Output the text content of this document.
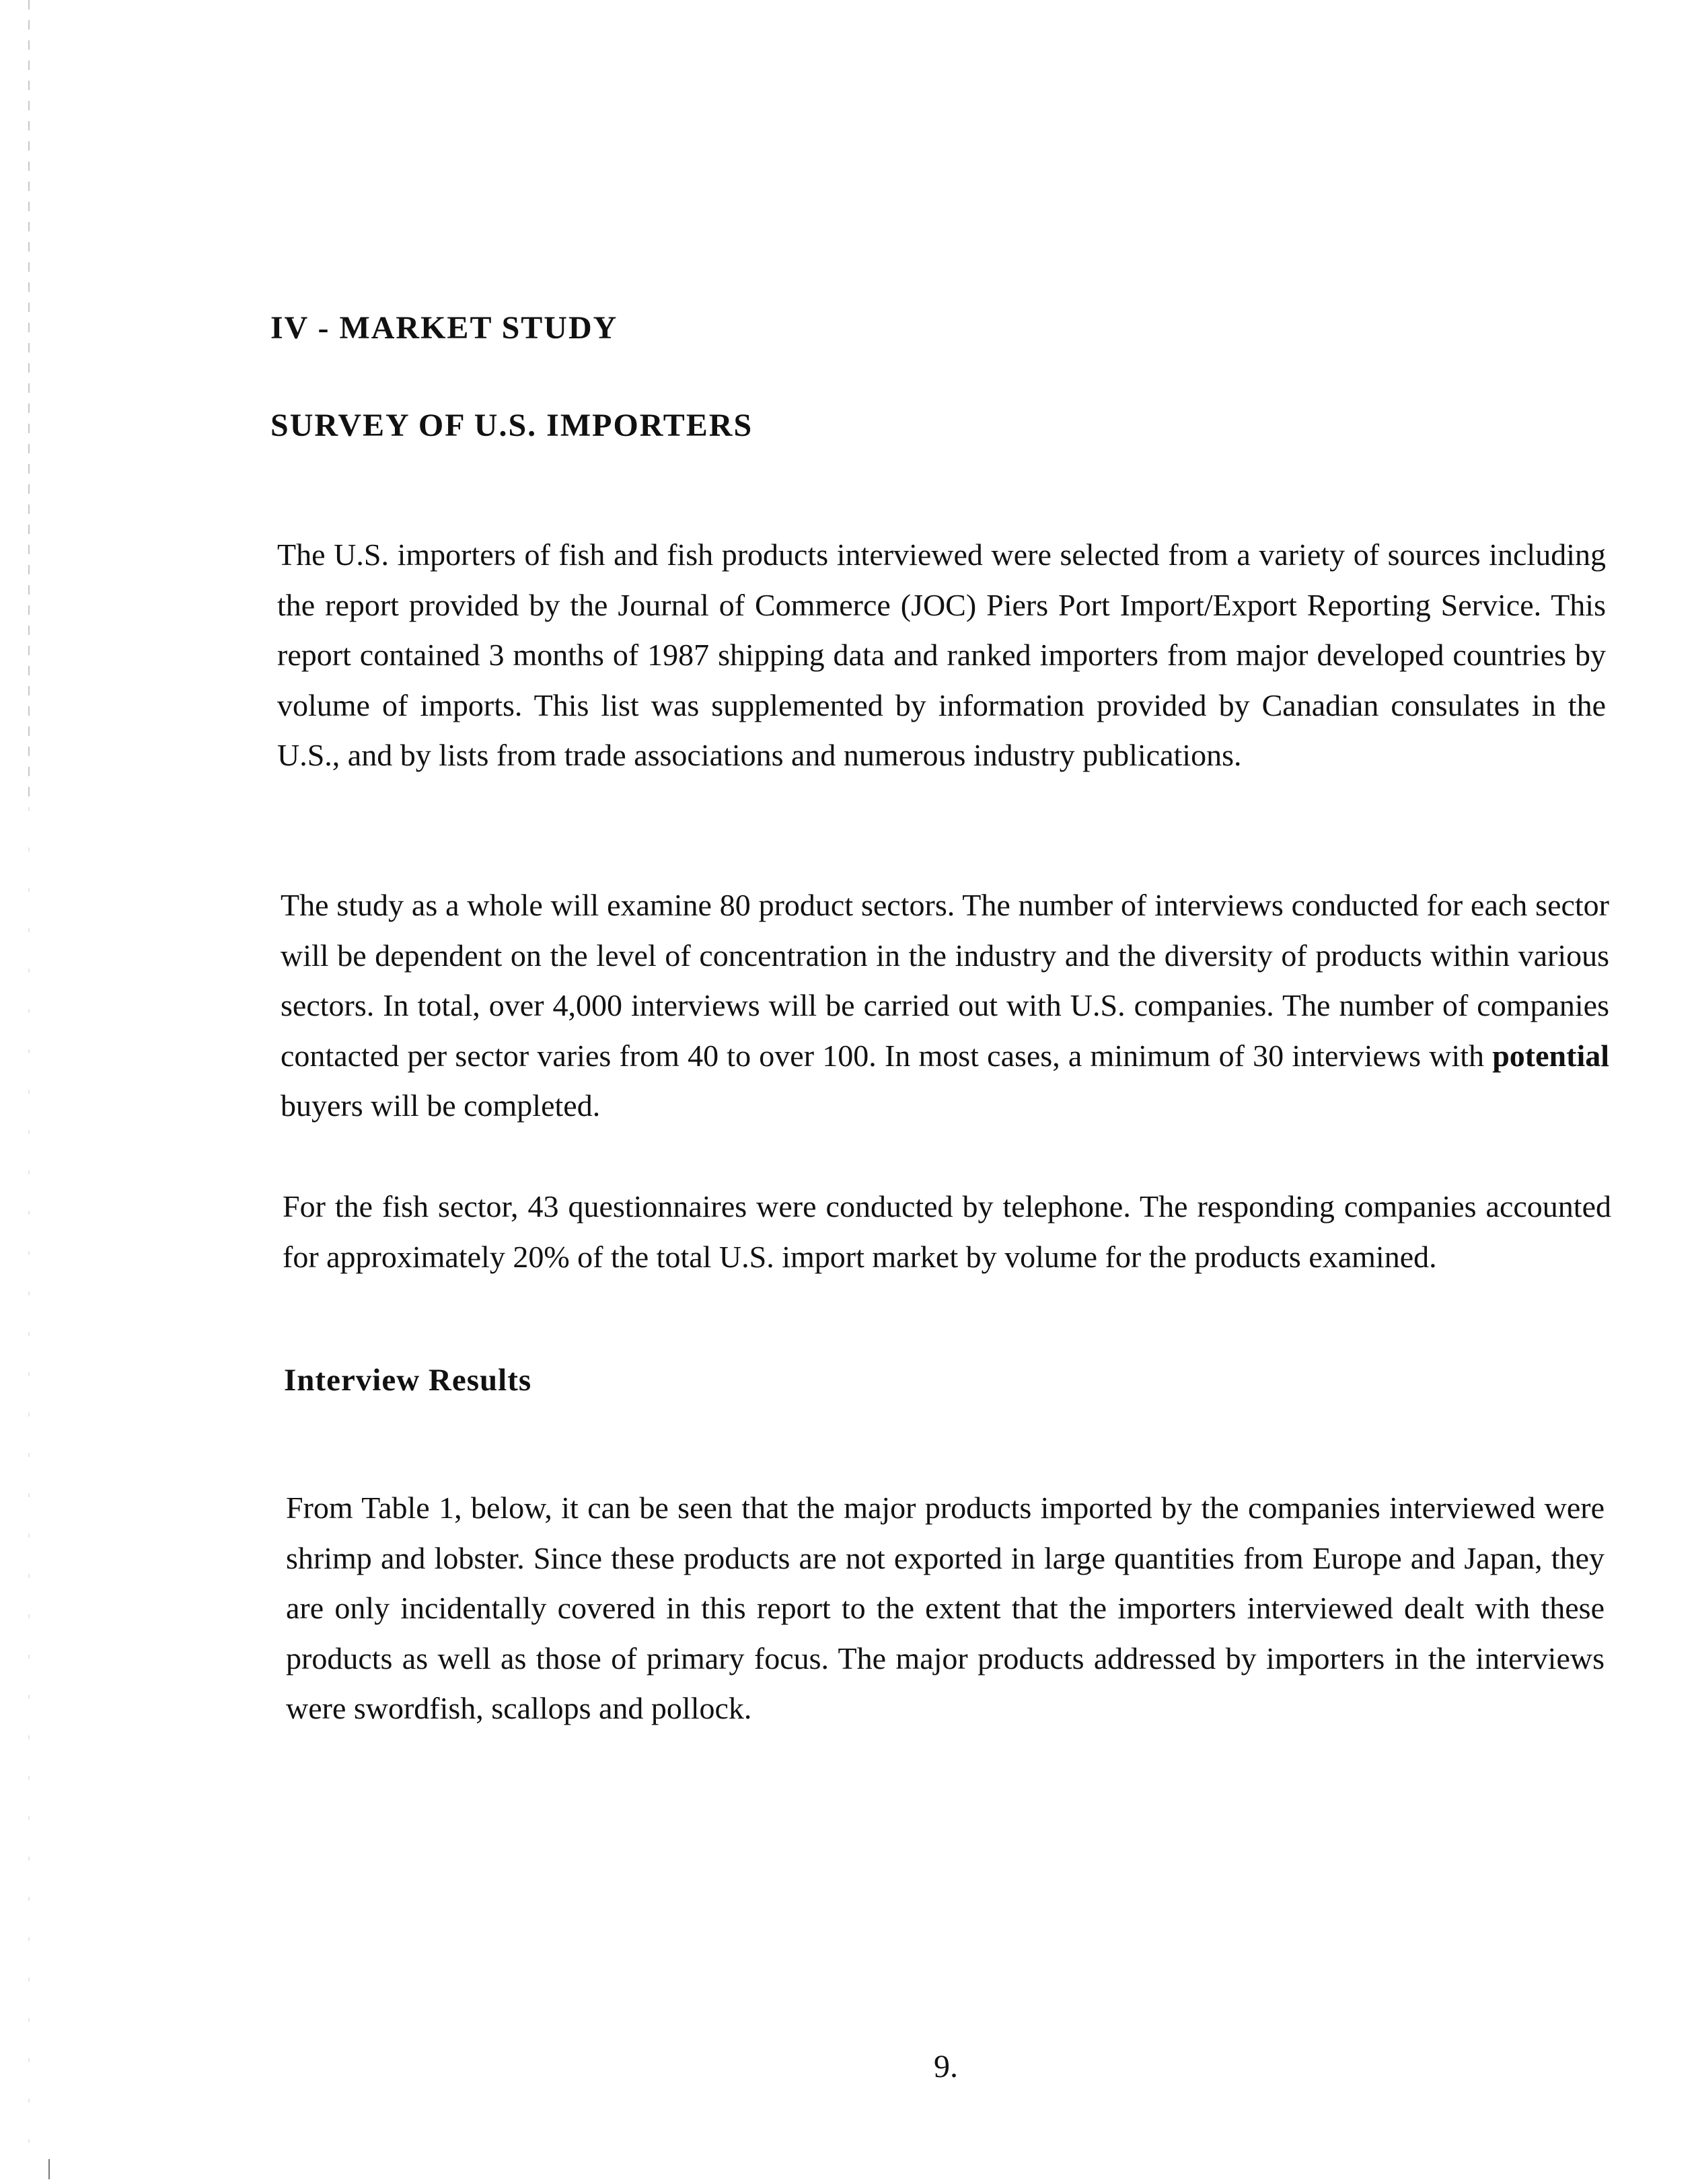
IV - MARKET STUDY
SURVEY OF U.S. IMPORTERS

The U.S. importers of fish and fish products interviewed were selected from a variety of sources including the report provided by the Journal of Commerce (JOC) Piers Port Import/Export Reporting Service. This report contained 3 months of 1987 shipping data and ranked importers from major developed countries by volume of imports. This list was supplemented by information provided by Canadian consulates in the U.S., and by lists from trade associations and numerous industry publications.

The study as a whole will examine 80 product sectors. The number of interviews conducted for each sector will be dependent on the level of concentration in the industry and the diversity of products within various sectors. In total, over 4,000 interviews will be carried out with U.S. companies. The number of companies contacted per sector varies from 40 to over 100. In most cases, a minimum of 30 interviews with potential buyers will be completed.

For the fish sector, 43 questionnaires were conducted by telephone. The responding companies accounted for approximately 20% of the total U.S. import market by volume for the products examined.

Interview Results

From Table 1, below, it can be seen that the major products imported by the companies interviewed were shrimp and lobster. Since these products are not exported in large quantities from Europe and Japan, they are only incidentally covered in this report to the extent that the importers interviewed dealt with these products as well as those of primary focus. The major products addressed by importers in the interviews were swordfish, scallops and pollock.

9.
